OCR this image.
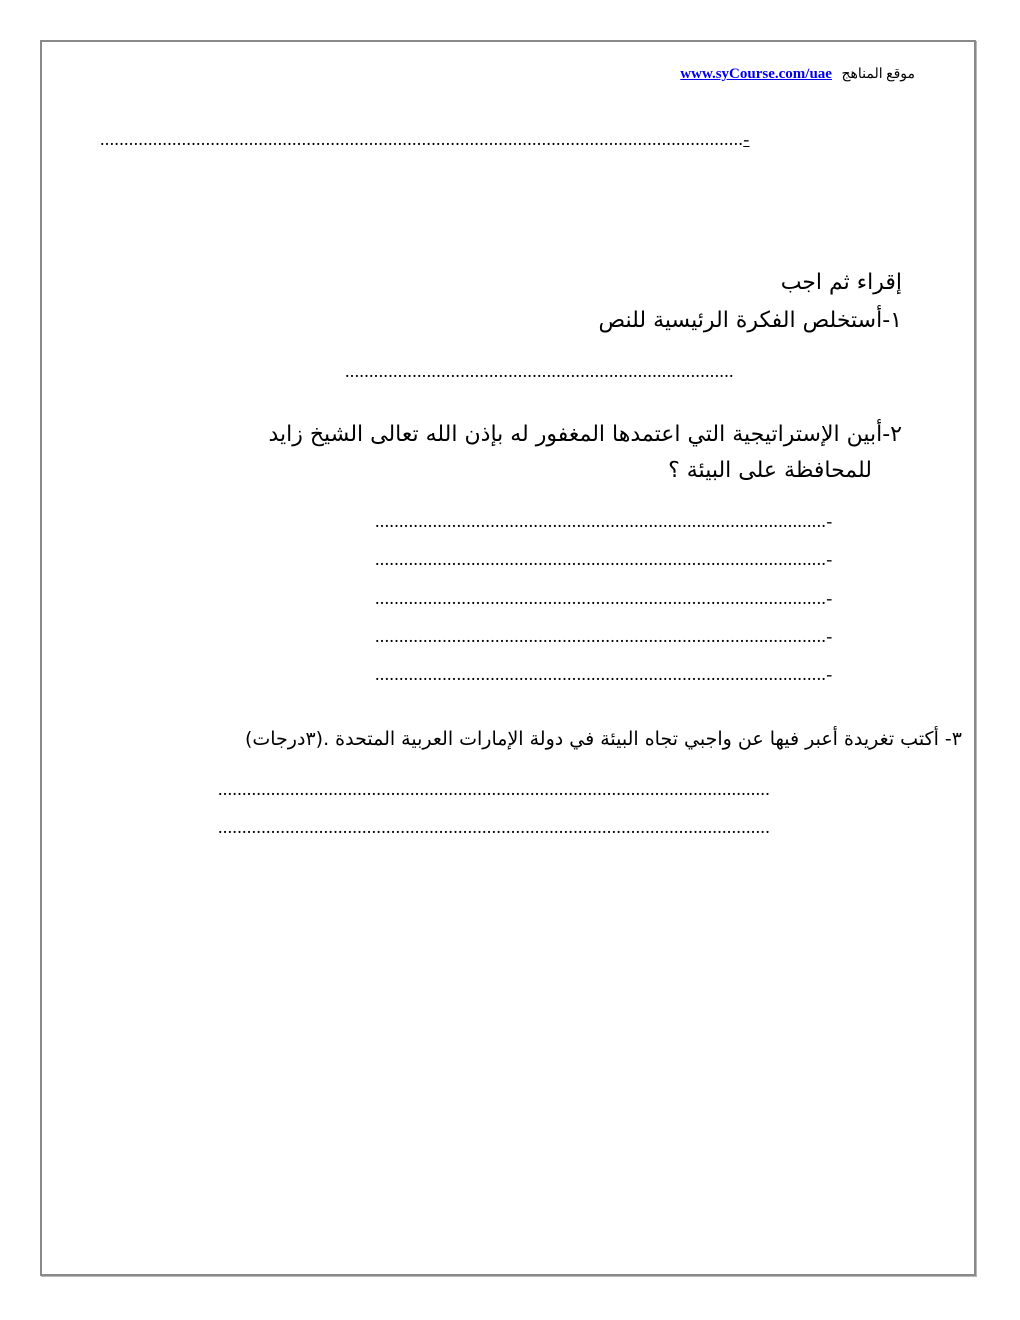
موقع المناهج www.syCourse.com/uae
......................................................................................................................................-
إقراء ثم اجب
١-أستخلص الفكرة الرئيسية للنص
.................................................................................
٢-أبين الإستراتيجية التي اعتمدها المغفور له بإذن الله تعالى الشيخ زايد
للمحافظة على البيئة ؟
..............................................................................................-
..............................................................................................-
..............................................................................................-
..............................................................................................-
..............................................................................................-
٣- أكتب تغريدة أعبر فيها عن واجبي تجاه البيئة في دولة الإمارات العربية المتحدة .(٣درجات)
...................................................................................................................
...................................................................................................................
